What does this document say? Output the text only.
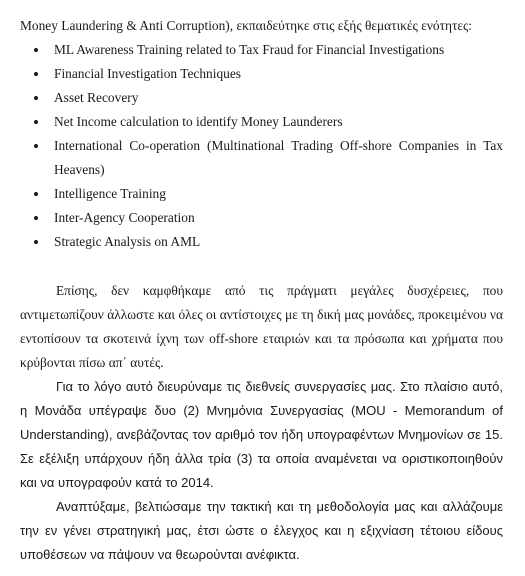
Money Laundering & Anti Corruption), εκπαιδεύτηκε στις εξής θεματικές ενότητες:

ML Awareness Training related to Tax Fraud for Financial Investigations
Financial Investigation Techniques
Asset Recovery
Net Income calculation to identify Money Launderers
International Co-operation (Multinational Trading Off-shore Companies in Tax Heavens)
Intelligence Training
Inter-Agency Cooperation
Strategic Analysis on AML

Επίσης, δεν καμφθήκαμε από τις πράγματι μεγάλες δυσχέρειες, που αντιμετωπίζουν άλλωστε και όλες οι αντίστοιχες με τη δική μας μονάδες, προκειμένου να εντοπίσουν τα σκοτεινά ίχνη των off-shore εταιριών και τα πρόσωπα και χρήματα που κρύβονται πίσω απ΄ αυτές.

Για το λόγο αυτό διευρύναμε τις διεθνείς συνεργασίες μας. Στο πλαίσιο αυτό, η Μονάδα υπέγραψε δυο (2) Μνημόνια Συνεργασίας (MOU - Memorandum of Understanding), ανεβάζοντας τον αριθμό τον ήδη υπογραφέντων Μνημονίων σε 15. Σε εξέλιξη υπάρχουν ήδη άλλα τρία (3) τα οποία αναμένεται να οριστικοποιηθούν και να υπογραφούν κατά το 2014.

Αναπτύξαμε, βελτιώσαμε την τακτική και τη μεθοδολογία μας και αλλάζουμε την εν γένει στρατηγική μας, έτσι ώστε ο έλεγχος και η εξιχνίαση τέτοιου είδους υποθέσεων να πάψουν να θεωρούνται ανέφικτα.
